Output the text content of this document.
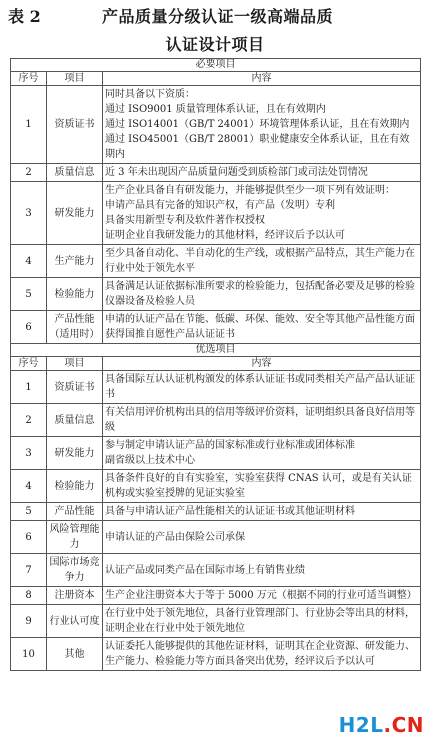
表 2	产品质量分级认证一级高端品质
认证设计项目
必要项目		
序号	项目	内容
1	资质证书	同时具备以下资质：
通过 ISO9001 质量管理体系认证，且在有效期内
通过 ISO14001（GB/T 24001）环境管理体系认证，且在有效期内
通过 ISO45001（GB/T 28001）职业健康安全体系认证，且在有效期内

2	质量信息	近 3 年未出现因产品质量问题受到质检部门或司法处罚情况

3	研发能力	生产企业具备自有研发能力，并能够提供至少一项下列有效证明：
申请产品具有完备的知识产权，有产品（发明）专利
具备实用新型专利及软件著作权授权
证明企业自我研发能力的其他材料，经评议后予以认可

4	生产能力	至少具备自动化、半自动化的生产线，或根据产品特点，其生产能力在行业中处于领先水平

5	检验能力	具备满足认证依据标准所要求的检验能力，包括配备必要及足够的检验仪器设备及检验人员

6	产品性能（适用时）	申请的认证产品在节能、低碳、环保、能效、安全等其他产品性能方面获得国推自愿性产品认证证书

优选项目		
序号	项目	内容
1	资质证书	具备国际互认认证机构颁发的体系认证证书或同类相关产品产品认证证书

2	质量信息	有关信用评价机构出具的信用等级评价资料，证明组织具备良好信用等级

3	研发能力	参与制定申请认证产品的国家标准或行业标准或团体标准
副省级以上技术中心

4	检验能力	具备条件良好的自有实验室，实验室获得 CNAS 认可，或是有关认证机构或实验室授牌的见证实验室

5	产品性能	具备与申请认证产品性能相关的认证证书或其他证明材料

6	风险管理能力	申请认证的产品由保险公司承保

7	国际市场竞争力	认证产品或同类产品在国际市场上有销售业绩

8	注册资本	生产企业注册资本大于等于 5000 万元（根据不同的行业可适当调整）

9	行业认可度	在行业中处于领先地位，具备行业管理部门、行业协会等出具的材料，证明企业在行业中处于领先地位

10	其他	认证委托人能够提供的其他佐证材料，证明其在企业资源、研发能力、生产能力、检验能力等方面具备突出优势，经评议后予以认可
H2L.CN
